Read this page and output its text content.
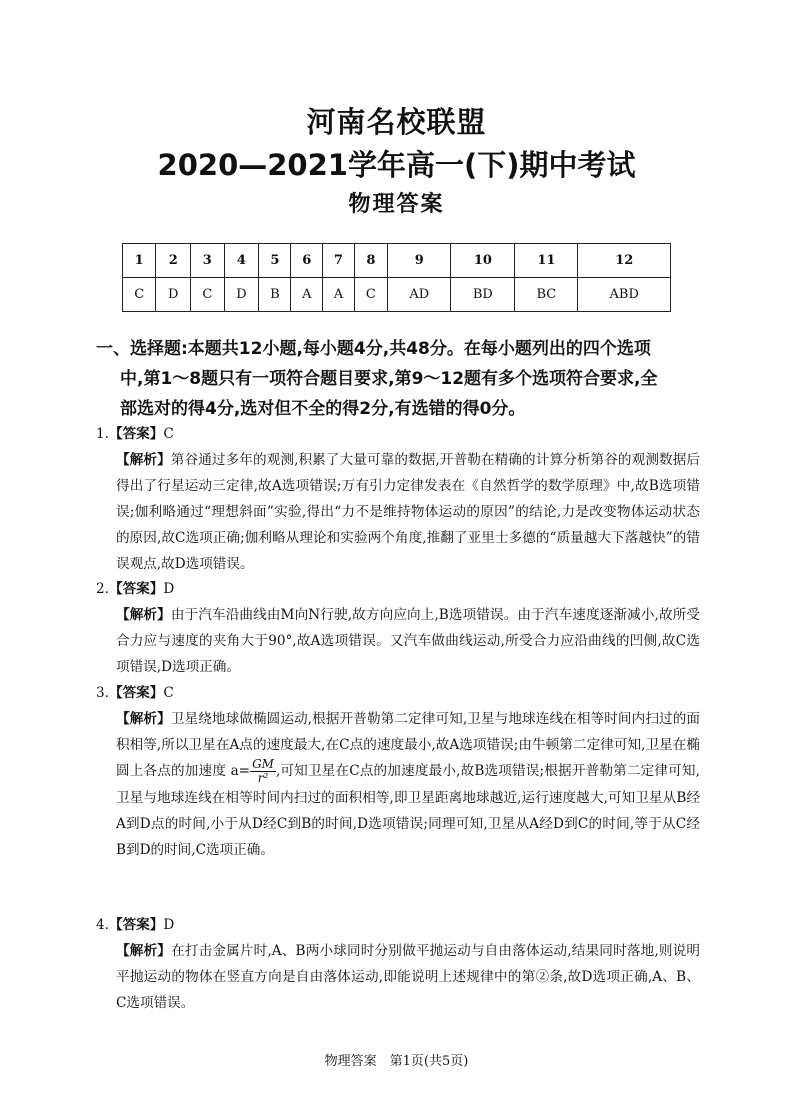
河南名校联盟
2020—2021学年高一(下)期中考试
物理答案
1	2	3	4	5	6	7	8	9	10	11	12
C	D	C	D	B	A	A	C	AD	BD	BC	ABD
一、选择题:本题共12小题,每小题4分,共48分。在每小题列出的四个选项
中,第1～8题只有一项符合题目要求,第9～12题有多个选项符合要求,全
部选对的得4分,选对但不全的得2分,有选错的得0分。
1.【答案】C
【解析】第谷通过多年的观测,积累了大量可靠的数据,开普勒在精确的计算分析第谷的观测数据后得出了行星运动三定律,故A选项错误;万有引力定律发表在《自然哲学的数学原理》中,故B选项错误;伽利略通过“理想斜面”实验,得出“力不是维持物体运动的原因”的结论,力是改变物体运动状态的原因,故C选项正确;伽利略从理论和实验两个角度,推翻了亚里士多德的“质量越大下落越快”的错误观点,故D选项错误。
2.【答案】D
【解析】由于汽车沿曲线由M向N行驶,故方向应向上,B选项错误。由于汽车速度逐渐减小,故所受合力应与速度的夹角大于90°,故A选项错误。又汽车做曲线运动,所受合力应沿曲线的凹侧,故C选项错误,D选项正确。
3.【答案】C
【解析】卫星绕地球做椭圆运动,根据开普勒第二定律可知,卫星与地球连线在相等时间内扫过的面积相等,所以卫星在A点的速度最大,在C点的速度最小,故A选项错误;由牛顿第二定律可知,卫星在椭圆上各点的加速度 $a= \frac{GM}{\text{r²}}$ ,可知卫星在C点的加速度最小,故B选项错误;根据开普勒第二定律可知,卫星与地球连线在相等时间内扫过的面积相等,即卫星距离地球越近,运行速度越大,可知卫星从B经A到D点的时间,小于从D经C到B的时间,D选项错误;同理可知,卫星从A经D到C的时间,等于从C经B到D的时间,C选项正确。
4.【答案】D
【解析】在打击金属片时,A、B两小球同时分别做平抛运动与自由落体运动,结果同时落地,则说明平抛运动的物体在竖直方向是自由落体运动,即能说明上述规律中的第②条,故D选项正确,A、B、C选项错误。
物理答案　第1页(共5页)
